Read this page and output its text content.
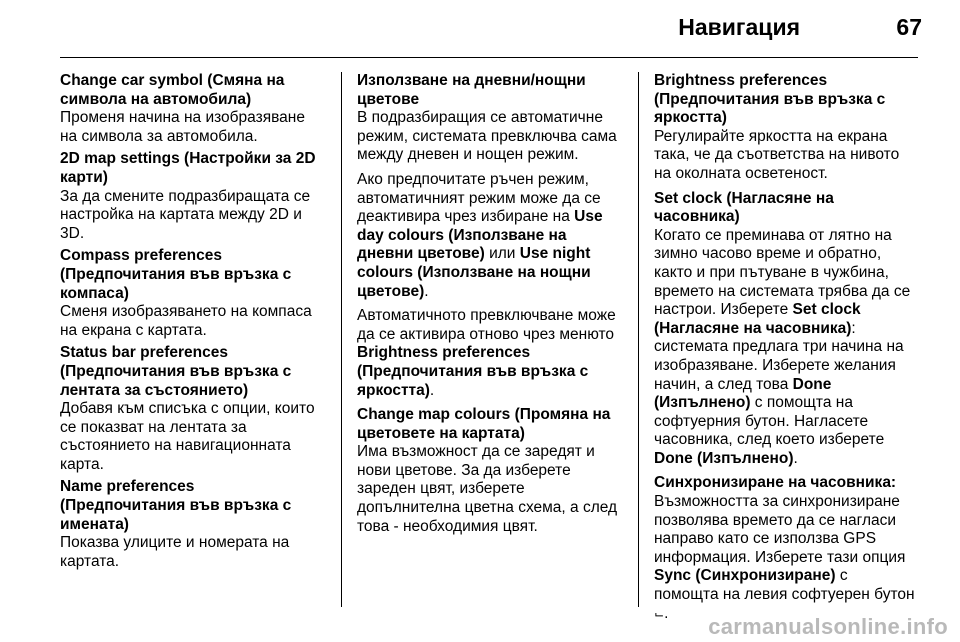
Навигация	67
Change car symbol (Смяна на символа на автомобила)
Променя начина на изобразяване на символа за автомобила.
2D map settings (Настройки за 2D карти)
За да смените подразбиращата се настройка на картата между 2D и 3D.
Compass preferences (Предпочитания във връзка с компаса)
Сменя изобразяването на компаса на екрана с картата.
Status bar preferences (Предпочитания във връзка с лентата за състоянието)
Добавя към списъка с опции, които се показват на лентата за състоянието на навигационната карта.
Name preferences (Предпочитания във връзка с имената)
Показва улиците и номерата на картата.
Използване на дневни/нощни цветове
В подразбиращия се автоматичне режим, системата превключва сама между дневен и нощен режим.
Ако предпочитате ръчен режим, автоматичният режим може да се деактивира чрез избиране на Use day colours (Използване на дневни цветове) или Use night colours (Използване на нощни цветове).
Автоматичното превключване може да се активира отново чрез менюто Brightness preferences (Предпочитания във връзка с яркостта).
Change map colours (Промяна на цветовете на картата)
Има възможност да се заредят и нови цветове. За да изберете зареден цвят, изберете допълнителна цветна схема, а след това - необходимия цвят.
Brightness preferences (Предпочитания във връзка с яркостта)
Регулирайте яркостта на екрана така, че да съответства на нивото на околната осветеност.
Set clock (Нагласяне на часовника)
Когато се преминава от лятно на зимно часово време и обратно, както и при пътуване в чужбина, времето на системата трябва да се настрои. Изберете Set clock (Нагласяне на часовника): системата предлага три начина на изобразяване. Изберете желания начин, а след това Done (Изпълнено) с помощта на софтуерния бутон. Нагласете часовника, след което изберете Done (Изпълнено).
Синхронизиране на часовника:
Възможността за синхронизиране позволява времето да се нагласи направо като се използва GPS информация. Изберете тази опция Sync (Синхронизиране) с помощта на левия софтуерен бутон ⌙.
carmanualsonline.info
